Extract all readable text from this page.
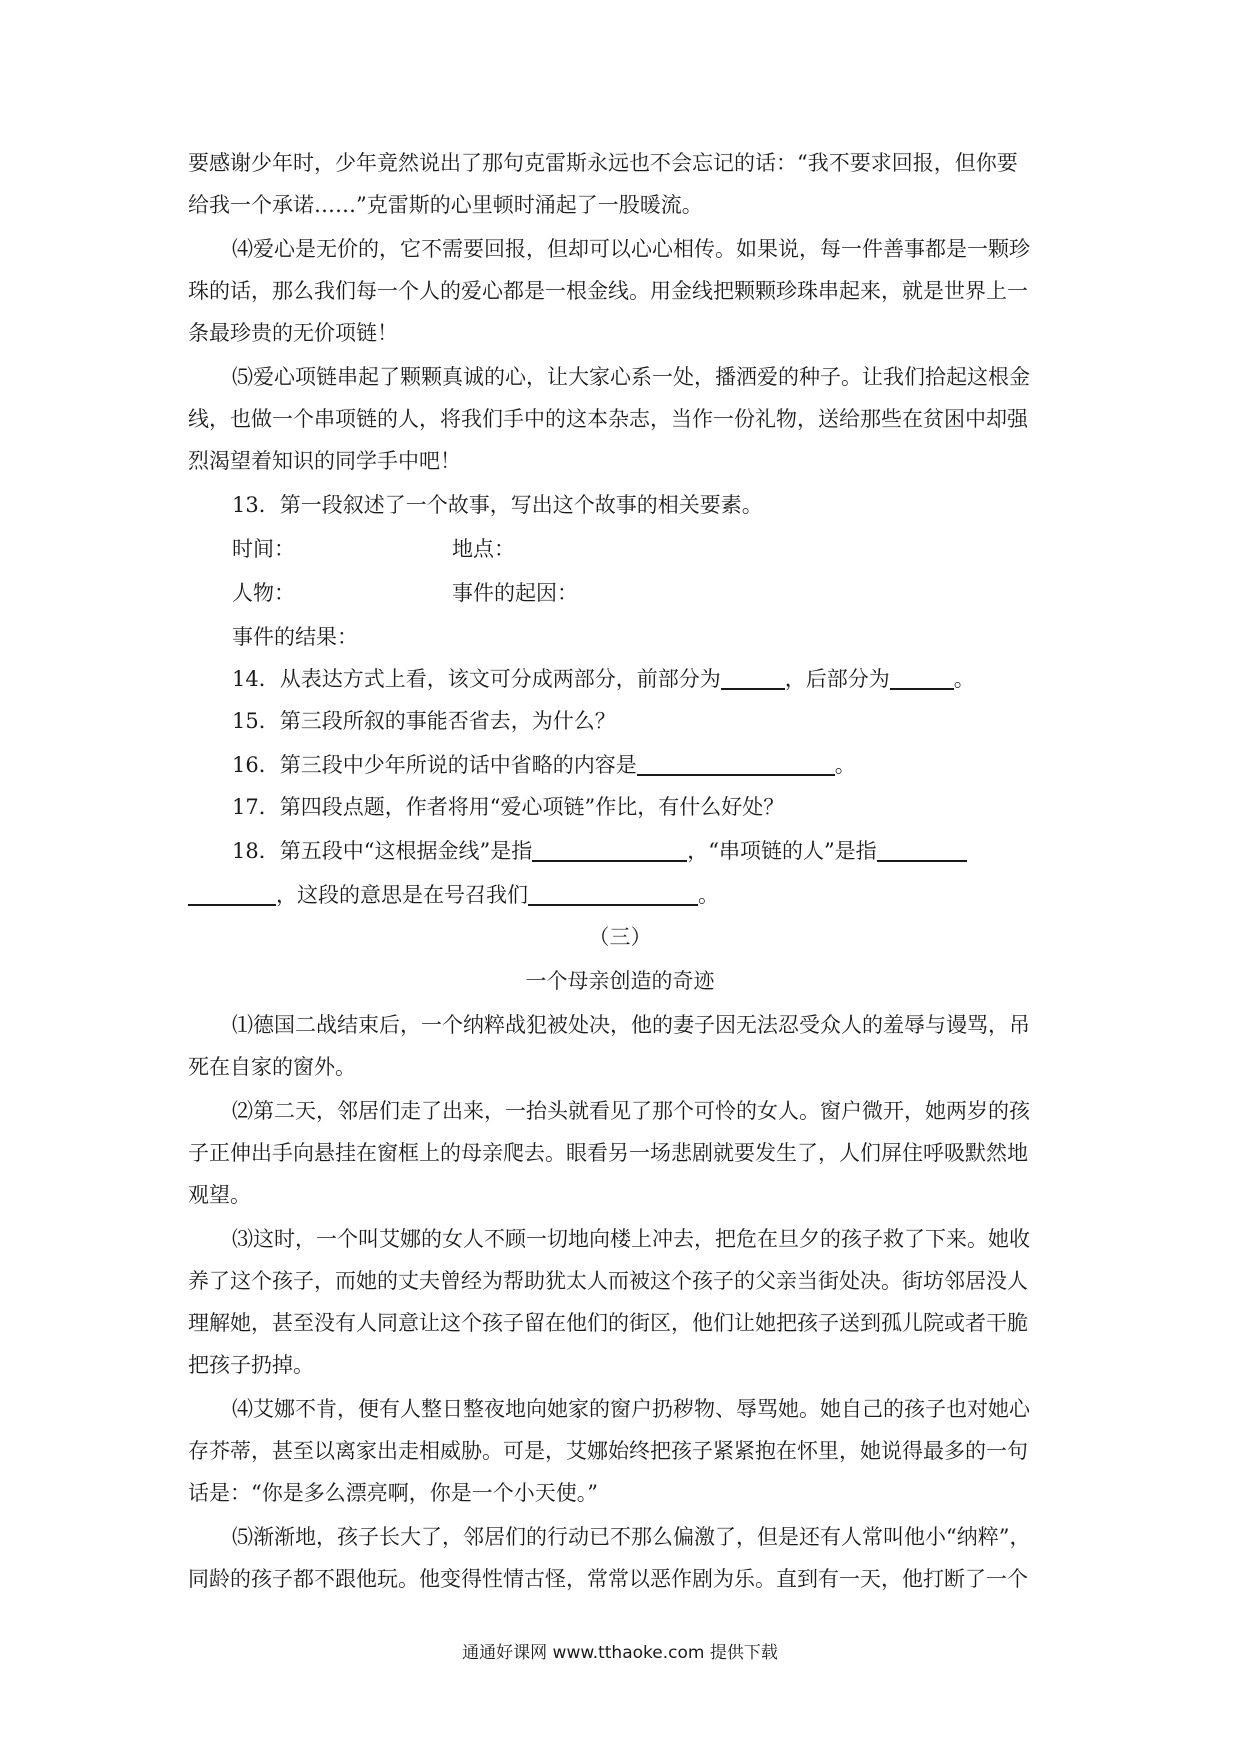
要感谢少年时，少年竟然说出了那句克雷斯永远也不会忘记的话：“我不要求回报，但你要
给我一个承诺……”克雷斯的心里顿时涌起了一股暖流。
⑷爱心是无价的，它不需要回报，但却可以心心相传。如果说，每一件善事都是一颗珍
珠的话，那么我们每一个人的爱心都是一根金线。用金线把颗颗珍珠串起来，就是世界上一
条最珍贵的无价项链！
⑸爱心项链串起了颗颗真诚的心，让大家心系一处，播洒爱的种子。让我们拾起这根金
线，也做一个串项链的人，将我们手中的这本杂志，当作一份礼物，送给那些在贫困中却强
烈渴望着知识的同学手中吧！
13．第一段叙述了一个故事，写出这个故事的相关要素。
时间：	地点：
人物：	事件的起因：
事件的结果：
14．从表达方式上看，该文可分成两部分，前部分为	，后部分为	。
15．第三段所叙的事能否省去，为什么？
16．第三段中少年所说的话中省略的内容是	。
17．第四段点题，作者将用“爱心项链”作比，有什么好处？
18．第五段中“这根据金线”是指	，“串项链的人”是指
，这段的意思是在号召我们	。
（三）
一个母亲创造的奇迹
⑴德国二战结束后，一个纳粹战犯被处决，他的妻子因无法忍受众人的羞辱与谩骂，吊
死在自家的窗外。
⑵第二天，邻居们走了出来，一抬头就看见了那个可怜的女人。窗户微开，她两岁的孩
子正伸出手向悬挂在窗框上的母亲爬去。眼看另一场悲剧就要发生了，人们屏住呼吸默然地
观望。
⑶这时，一个叫艾娜的女人不顾一切地向楼上冲去，把危在旦夕的孩子救了下来。她收
养了这个孩子，而她的丈夫曾经为帮助犹太人而被这个孩子的父亲当街处决。街坊邻居没人
理解她，甚至没有人同意让这个孩子留在他们的街区，他们让她把孩子送到孤儿院或者干脆
把孩子扔掉。
⑷艾娜不肯，便有人整日整夜地向她家的窗户扔秽物、辱骂她。她自己的孩子也对她心
存芥蒂，甚至以离家出走相威胁。可是，艾娜始终把孩子紧紧抱在怀里，她说得最多的一句
话是：“你是多么漂亮啊，你是一个小天使。”
⑸渐渐地，孩子长大了，邻居们的行动已不那么偏激了，但是还有人常叫他小“纳粹”，
同龄的孩子都不跟他玩。他变得性情古怪，常常以恶作剧为乐。直到有一天，他打断了一个
通通好课网 www.tthaoke.com 提供下载
